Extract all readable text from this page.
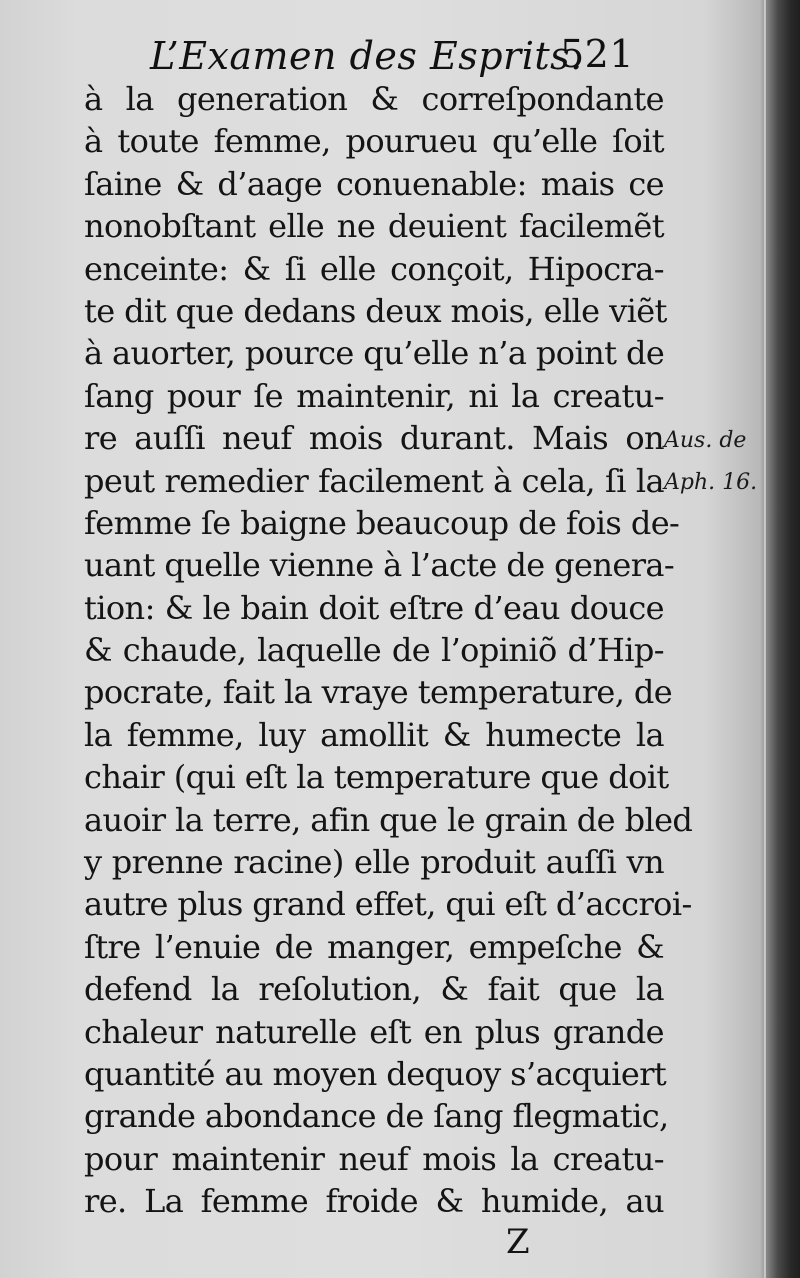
L’Examen des Esprits.
521
à la generation & correſpondante
à toute femme, pourueu qu’elle ſoit
ſaine & d’aage conuenable: mais ce
nonobſtant elle ne deuient facilemẽt
enceinte: & ſi elle conçoit, Hipocra-
te dit que dedans deux mois, elle viẽt
à auorter, pource qu’elle n’a point de
ſang pour ſe maintenir, ni la creatu-
re auſſi neuf mois durant. Mais on
peut remedier facilement à cela, ſi la
femme ſe baigne beaucoup de fois de-
uant quelle vienne à l’acte de genera-
tion: & le bain doit eſtre d’eau douce
& chaude, laquelle de l’opiniõ d’Hip-
pocrate, fait la vraye temperature, de
la femme, luy amollit & humecte la
chair (qui eſt la temperature que doit
auoir la terre, afin que le grain de bled
y prenne racine) elle produit auſſi vn
autre plus grand effet, qui eſt d’accroi-
ſtre l’enuie de manger, empeſche &
defend la reſolution, & fait que la
chaleur naturelle eſt en plus grande
quantité au moyen dequoy s’acquiert
grande abondance de ſang flegmatic,
pour maintenir neuf mois la creatu-
re. La femme froide & humide, au
Aus. de
Aph. 16.
Z
